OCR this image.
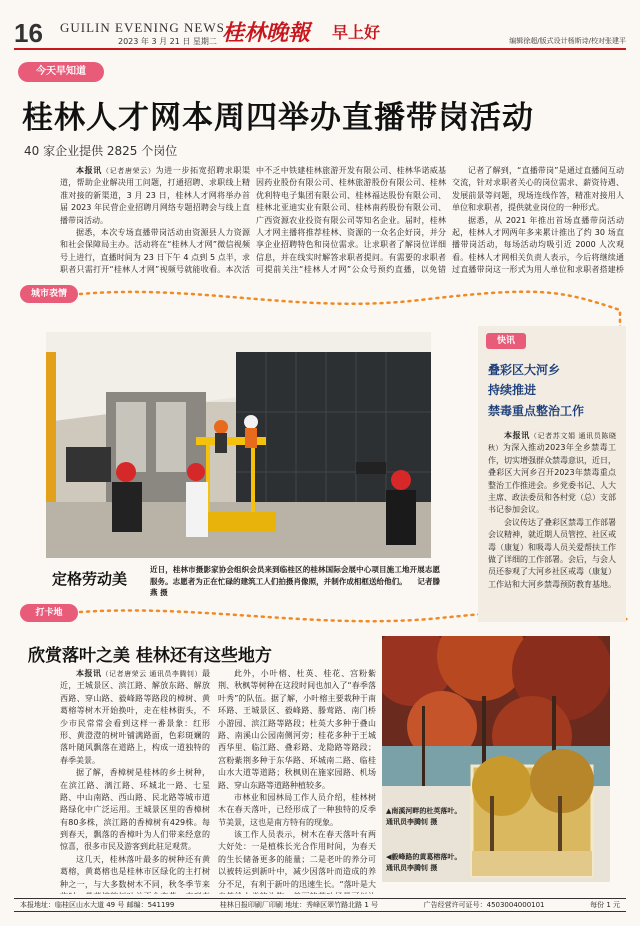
16 GUILIN EVENING NEWS
2023 年 3 月 21 日 星期二 桂林晚報 早上好	编辑徐超/版式设计杨斯诗/校对张建平
今天早知道
桂林人才网本周四举办直播带岗活动
40 家企业提供 2825 个岗位

本报讯（记者唐荣云）为进一步拓宽招聘求职渠道，帮助企业解决用工问题，打通招聘、求职线上精准对接的新渠道，3 月 23 日，桂林人才网将举办首届 2023 年民营企业招聘月网络专题招聘会与线上直播带岗活动。

据悉，本次专场直播带岗活动由资源县人力资源和社会保障局主办。活动将在“桂林人才网”微信视频号上进行，直播时间为 23 日下午 4 点到 5 点半，求职者只需打开“桂林人才网”视频号就能收看。本次活

中不乏中铁建桂林旅游开发有限公司、桂林华诺威基因药业股份有限公司、桂林旅游股份有限公司、桂林优利特电子集团有限公司、桂林福达股份有限公司、桂林北亚迪实业有限公司、桂林南药股份有限公司、广西资源农业投资有限公司等知名企业。届时，桂林人才网主播将推荐桂林、资源的一众名企好岗，并分享企业招聘特色和岗位需求。让求职者了解岗位详细信息，并在线实时解答求职者提问。有需要的求职者可提前关注“桂林人才网”公众号预约直播，以免错

记者了解到，“直播带岗”是通过直播间互动交流，针对求职者关心的岗位需求、薪资待遇、发展前景等问题，现场连线作答，精准对接用人单位和求职者，提供就业岗位的一种形式。

据悉，从 2021 年推出首场直播带岗活动起，桂林人才网两年多来累计推出了约 30 场直播带岗活动，每场活动均吸引近 2000 人次观看。桂林人才网相关负责人表示，今后将继续通过直播带岗这一形式为用人单位和求职者搭建桥

城市表情
快讯
叠彩区大河乡
持续推进
禁毒重点整治工作

本报讯（记者苏文娟 通讯员陈晓秋）为深入推动2023年全乡禁毒工作，切实增强群众禁毒意识，近日，叠彩区大河乡召开2023年禁毒重点整治工作推进会。乡党委书记、人大主席、政法委员和各村党（总）支部书记参加会议。

会议传达了叠彩区禁毒工作部署会议精神，就近期人员管控、社区戒毒（康复）和吸毒人员关爱帮扶工作做了详细的工作部署。会后，与会人员还参观了大河乡社区戒毒（康复）工作站和大河乡禁毒预防教育基地。

定格劳动美
近日，桂林市摄影家协会组织会员来到临桂区的桂林国际会展中心项目施工地开展志愿服务。志愿者为正在忙碌的建筑工人们拍摄肖像照，并制作成相框送给他们。 记者滕燕 摄
打卡地
欣赏落叶之美 桂林还有这些地方

本报讯（记者唐荣云 通讯员李腾钊）最近，王城景区、滨江路、解放东路、解放西路、穿山路、毅峰路等路段的樟树、黄葛榕等树木开始换叶，走在桂林街头，不少市民常常会看到这样一番景象：红形形、黄澄澄的树叶铺满路面，色彩斑斓的落叶随风飘落在道路上，构成一道独特的春季美景。

据了解，香樟树是桂林的乡土树种，在滨江路、漓江路、环城北一路、七星路、中山南路、西山路、民北路等城市道路绿化中广泛运用。王城景区里的香樟树有80多株，滨江路的香樟树有429株。每到春天，飘落的香樟叶为人们带来经意的惊喜，很多市民及游客到此驻足观赏。

这几天，桂林落叶最多的树种还有黄葛榕，黄葛榕也是桂林市区绿化的主打树种之一，与大多数树木不同，秋冬季节来

此外，小叶榕、杜英、桂花、宫粉紫荆、秋枫等树种在这段时间也加入了“春季落叶秀”的队伍。据了解，小叶榕主要栽种于南环路、王城景区、毅峰路、滕莺路、南门桥小游园、滨江路等路段；杜英大多种于叠山路、南溪山公园南侧河旁；桂花多种于王城西华里、临江路、叠彩路、龙隐路等路段；宫粉紫荆多种于东华路、环城南二路、临桂山水大道等道路；秋枫则在施家园路、机场路、穿山东路等道路种植较多。

市林业和园林局工作人员介绍，桂林树木在春天落叶，已经形成了一种独特的反季节美景，这也是南方特有的现象。

该工作人员表示，树木在春天落叶有两大好处：一是植株长光合作用时间，为春天的生长储备更多的能量；二是老叶的养分可以被转运到新叶中，减少因落叶而造成的养分不足，有利于新叶的迅速生长。“落叶是大

▲南溪河畔的杜英落叶。
通讯员李腾钊 摄
◀毅峰路的黄葛榕落叶。
通讯员李腾钊 摄
本报地址：临桂区山水大道 49 号 邮编：541199	桂林日报印刷厂印刷 地址：秀峰区翠竹路北路 1 号	广告经营许可证号：4503004000101	每份 1 元
